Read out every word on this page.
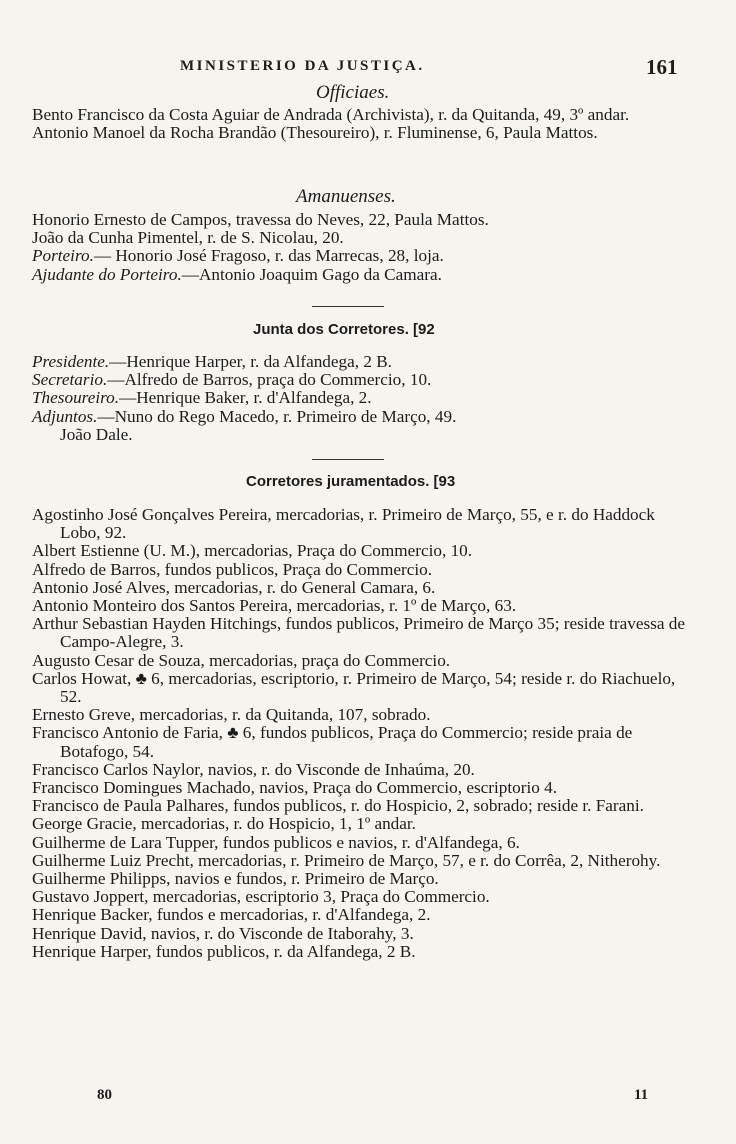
MINISTERIO DA JUSTIÇA.	161
Officiaes.
Bento Francisco da Costa Aguiar de Andrada (Archivista), r. da Quitanda, 49, 3º andar.
Antonio Manoel da Rocha Brandão (Thesoureiro), r. Fluminense, 6, Paula Mattos.
Amanuenses.
Honorio Ernesto de Campos, travessa do Neves, 22, Paula Mattos.
João da Cunha Pimentel, r. de S. Nicolau, 20.
Porteiro.— Honorio José Fragoso, r. das Marrecas, 28, loja.
Ajudante do Porteiro.—Antonio Joaquim Gago da Camara.
Junta dos Corretores. [92
Presidente.—Henrique Harper, r. da Alfandega, 2 B.
Secretario.—Alfredo de Barros, praça do Commercio, 10.
Thesoureiro.—Henrique Baker, r. d'Alfandega, 2.
Adjuntos.—Nuno do Rego Macedo, r. Primeiro de Março, 49.
João Dale.
Corretores juramentados. [93
Agostinho José Gonçalves Pereira, mercadorias, r. Primeiro de Março, 55, e r. do Haddock Lobo, 92.
Albert Estienne (U. M.), mercadorias, Praça do Commercio, 10.
Alfredo de Barros, fundos publicos, Praça do Commercio.
Antonio José Alves, mercadorias, r. do General Camara, 6.
Antonio Monteiro dos Santos Pereira, mercadorias, r. 1º de Março, 63.
Arthur Sebastian Hayden Hitchings, fundos publicos, Primeiro de Março 35; reside travessa de Campo-Alegre, 3.
Augusto Cesar de Souza, mercadorias, praça do Commercio.
Carlos Howat, ♣ 6, mercadorias, escriptorio, r. Primeiro de Março, 54; reside r. do Riachuelo, 52.
Ernesto Greve, mercadorias, r. da Quitanda, 107, sobrado.
Francisco Antonio de Faria, ♣ 6, fundos publicos, Praça do Commercio; reside praia de Botafogo, 54.
Francisco Carlos Naylor, navios, r. do Visconde de Inhaúma, 20.
Francisco Domingues Machado, navios, Praça do Commercio, escriptorio 4.
Francisco de Paula Palhares, fundos publicos, r. do Hospicio, 2, sobrado; reside r. Farani.
George Gracie, mercadorias, r. do Hospicio, 1, 1º andar.
Guilherme de Lara Tupper, fundos publicos e navios, r. d'Alfandega, 6.
Guilherme Luiz Precht, mercadorias, r. Primeiro de Março, 57, e r. do Corrêa, 2, Nitherohy.
Guilherme Philipps, navios e fundos, r. Primeiro de Março.
Gustavo Joppert, mercadorias, escriptorio 3, Praça do Commercio.
Henrique Backer, fundos e mercadorias, r. d'Alfandega, 2.
Henrique David, navios, r. do Visconde de Itaborahy, 3.
Henrique Harper, fundos publicos, r. da Alfandega, 2 B.
80	11
